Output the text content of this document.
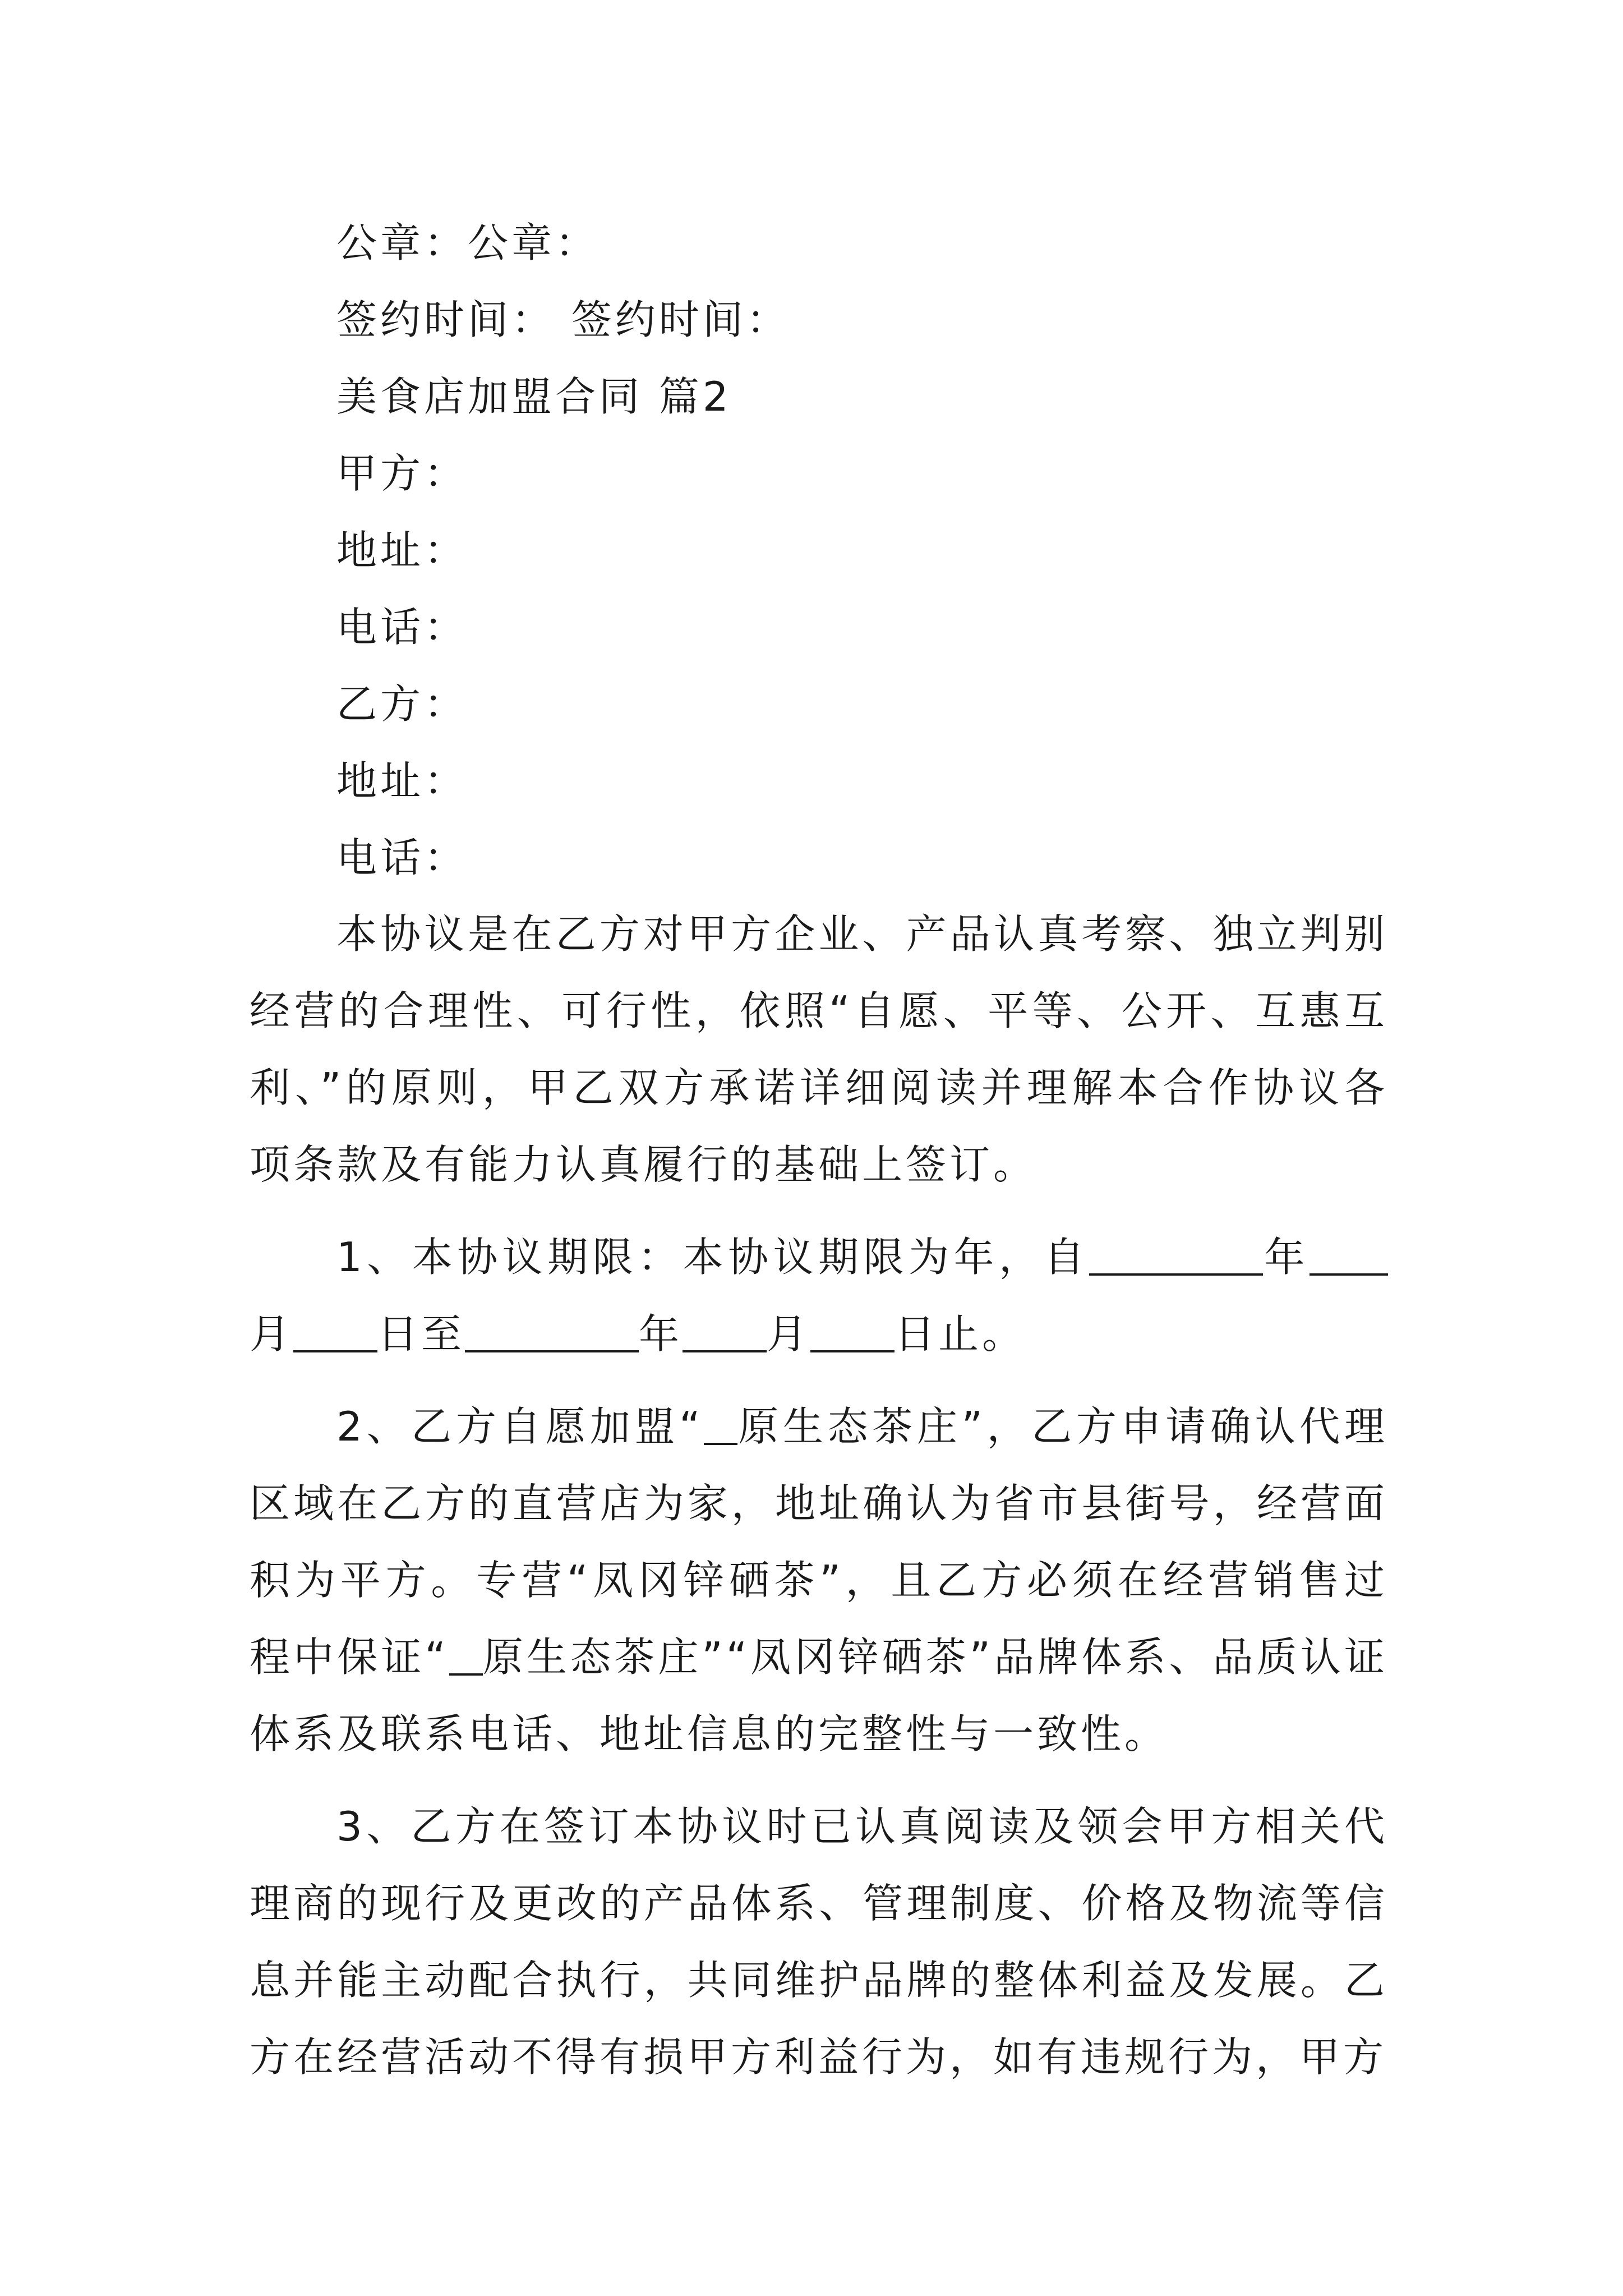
公章：公章：
签约时间： 签约时间：
美食店加盟合同 篇2
甲方：
地址：
电话：
乙方：
地址：
电话：

本协议是在乙方对甲方企业、产品认真考察、独立判别经营的合理性、可行性，依照“自愿、平等、公开、互惠互利、”的原则，甲乙双方承诺详细阅读并理解本合作协议各项条款及有能力认真履行的基础上签订。

1、本协议期限：本协议期限为年，自	年月 日至	年 月 日止。

2、乙方自愿加盟“ 原生态茶庄”，乙方申请确认代理区域在乙方的直营店为家，地址确认为省市县街号，经营面积为平方。专营“凤冈锌硒茶”，且乙方必须在经营销售过程中保证“ 原生态茶庄”“凤冈锌硒茶”品牌体系、品质认证体系及联系电话、地址信息的完整性与一致性。

3、乙方在签订本协议时已认真阅读及领会甲方相关代理商的现行及更改的产品体系、管理制度、价格及物流等信息并能主动配合执行，共同维护品牌的整体利益及发展。乙方在经营活动不得有损甲方利益行为，如有违规行为，甲方
